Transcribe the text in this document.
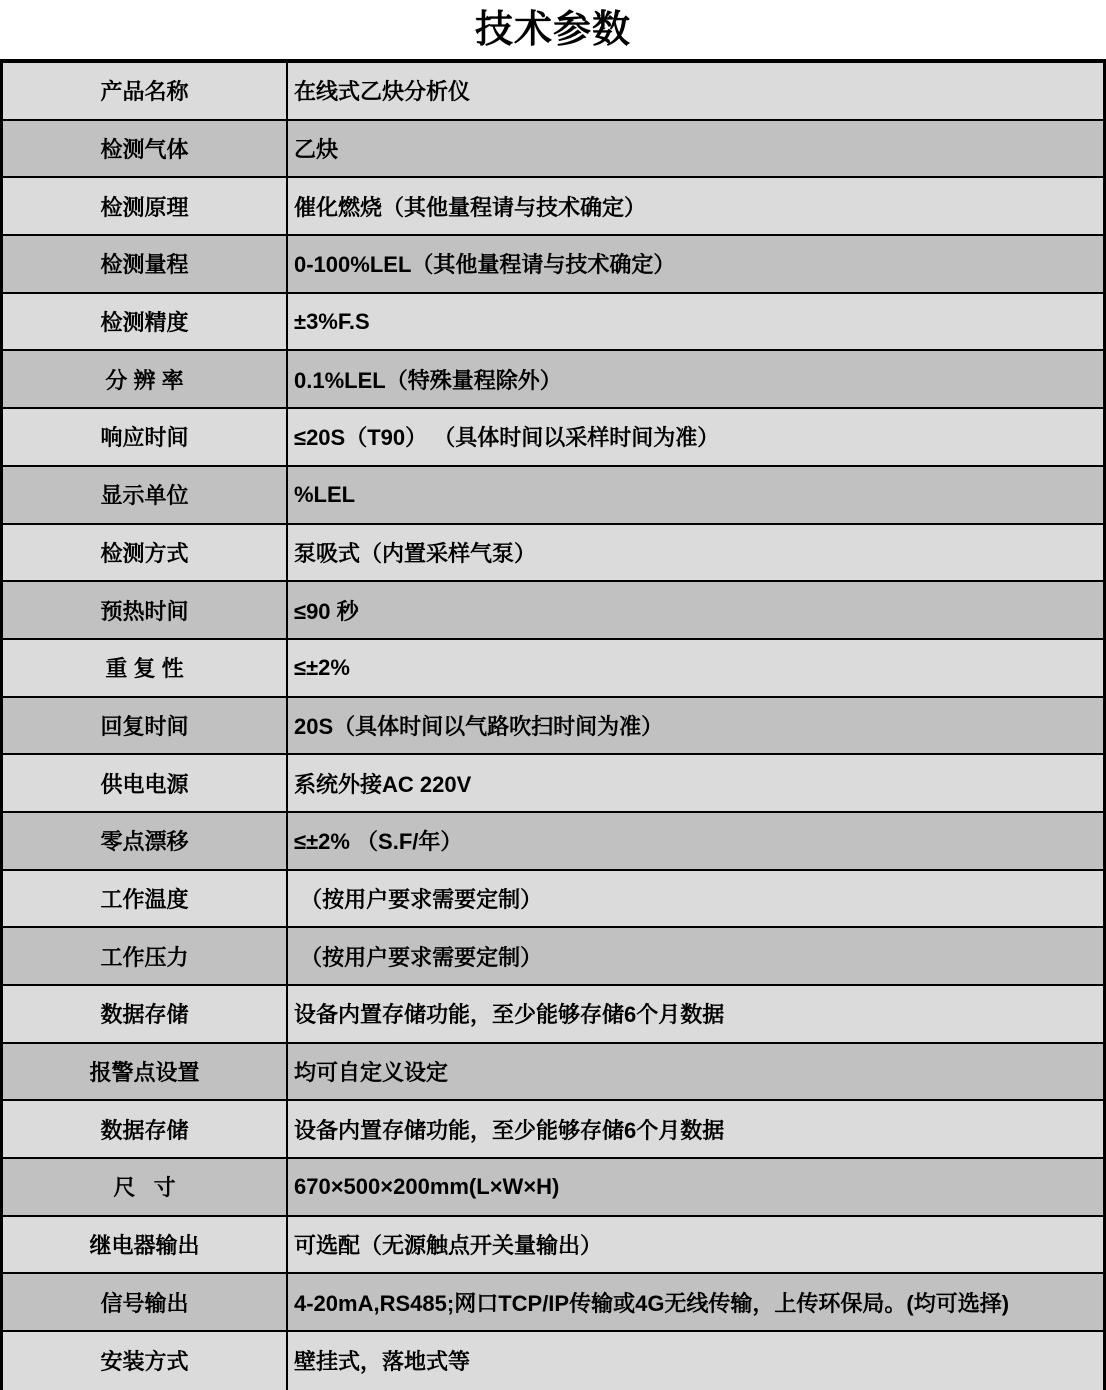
技术参数
产品名称	在线式乙炔分析仪
检测气体	乙炔
检测原理	催化燃烧（其他量程请与技术确定）
检测量程	0-100%LEL（其他量程请与技术确定）
检测精度	±3%F.S
分 辨 率	0.1%LEL（特殊量程除外）
响应时间	≤20S（T90） （具体时间以采样时间为准）
显示单位	%LEL
检测方式	泵吸式（内置采样气泵）
预热时间	≤90 秒
重 复 性	≤±2%
回复时间	20S（具体时间以气路吹扫时间为准）
供电电源	系统外接AC 220V
零点漂移	≤±2% （S.F/年）
工作温度	（按用户要求需要定制）
工作压力	（按用户要求需要定制）
数据存储	设备内置存储功能，至少能够存储6个月数据
报警点设置	均可自定义设定
数据存储	设备内置存储功能，至少能够存储6个月数据
尺   寸	670×500×200mm(L×W×H)
继电器输出	可选配（无源触点开关量输出）
信号输出	4-20mA,RS485;网口TCP/IP传输或4G无线传输，上传环保局。(均可选择)
安装方式	壁挂式，落地式等
